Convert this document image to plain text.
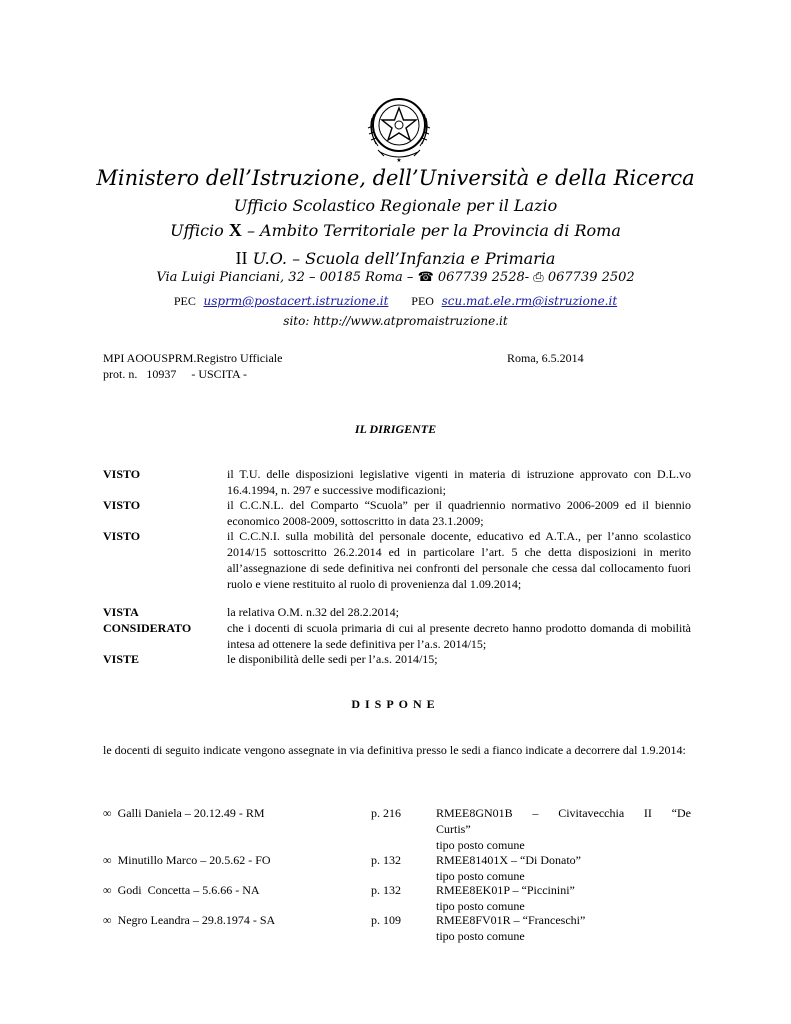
★
Ministero dell’Istruzione, dell’Università e della Ricerca
Ufficio Scolastico Regionale per il Lazio
Ufficio X – Ambito Territoriale per la Provincia di Roma
II U.O. – Scuola dell’Infanzia e Primaria
Via Luigi Pianciani, 32 – 00185 Roma – ☎ 067739 2528- ⎙ 067739 2502
PEC usprm@postacert.istruzione.it PEO scu.mat.ele.rm@istruzione.it
sito: http://www.atpromaistruzione.it
MPI AOOUSPRM.Registro Ufficiale
prot. n.   10937     - USCITA -
Roma, 6.5.2014
IL DIRIGENTE
VISTO	il T.U. delle disposizioni legislative vigenti in materia di istruzione approvato con D.L.vo 16.4.1994, n. 297 e successive modificazioni;
VISTO	il C.C.N.L. del Comparto “Scuola” per il quadriennio normativo 2006-2009 ed il biennio economico 2008-2009, sottoscritto in data 23.1.2009;
VISTO	il C.C.N.I. sulla mobilità del personale docente, educativo ed A.T.A., per l’anno scolastico 2014/15 sottoscritto 26.2.2014 ed in particolare l’art. 5 che detta disposizioni in merito all’assegnazione di sede definitiva nei confronti del personale che cessa dal collocamento fuori ruolo e viene restituito al ruolo di provenienza dal 1.09.2014;
VISTA	la relativa O.M. n.32 del 28.2.2014;
CONSIDERATO	che i docenti di scuola primaria di cui al presente decreto hanno prodotto domanda di mobilità intesa ad ottenere la sede definitiva per l’a.s. 2014/15;
VISTE	le disponibilità delle sedi per l’a.s. 2014/15;
DISPONE
le docenti di seguito indicate vengono assegnate in via definitiva presso le sedi a fianco indicate a decorrere dal 1.9.2014:
∞ Galli Daniela – 20.12.49 - RM	p. 216	RMEE8GN01B – Civitavecchia II “De
Curtis”
tipo posto comune
∞ Minutillo Marco – 20.5.62 - FO	p. 132	RMEE81401X – “Di Donato”
tipo posto comune
∞ Godi  Concetta – 5.6.66 - NA	p. 132	RMEE8EK01P – “Piccinini”
tipo posto comune
∞ Negro Leandra – 29.8.1974 - SA	p. 109	RMEE8FV01R – “Franceschi”
tipo posto comune
